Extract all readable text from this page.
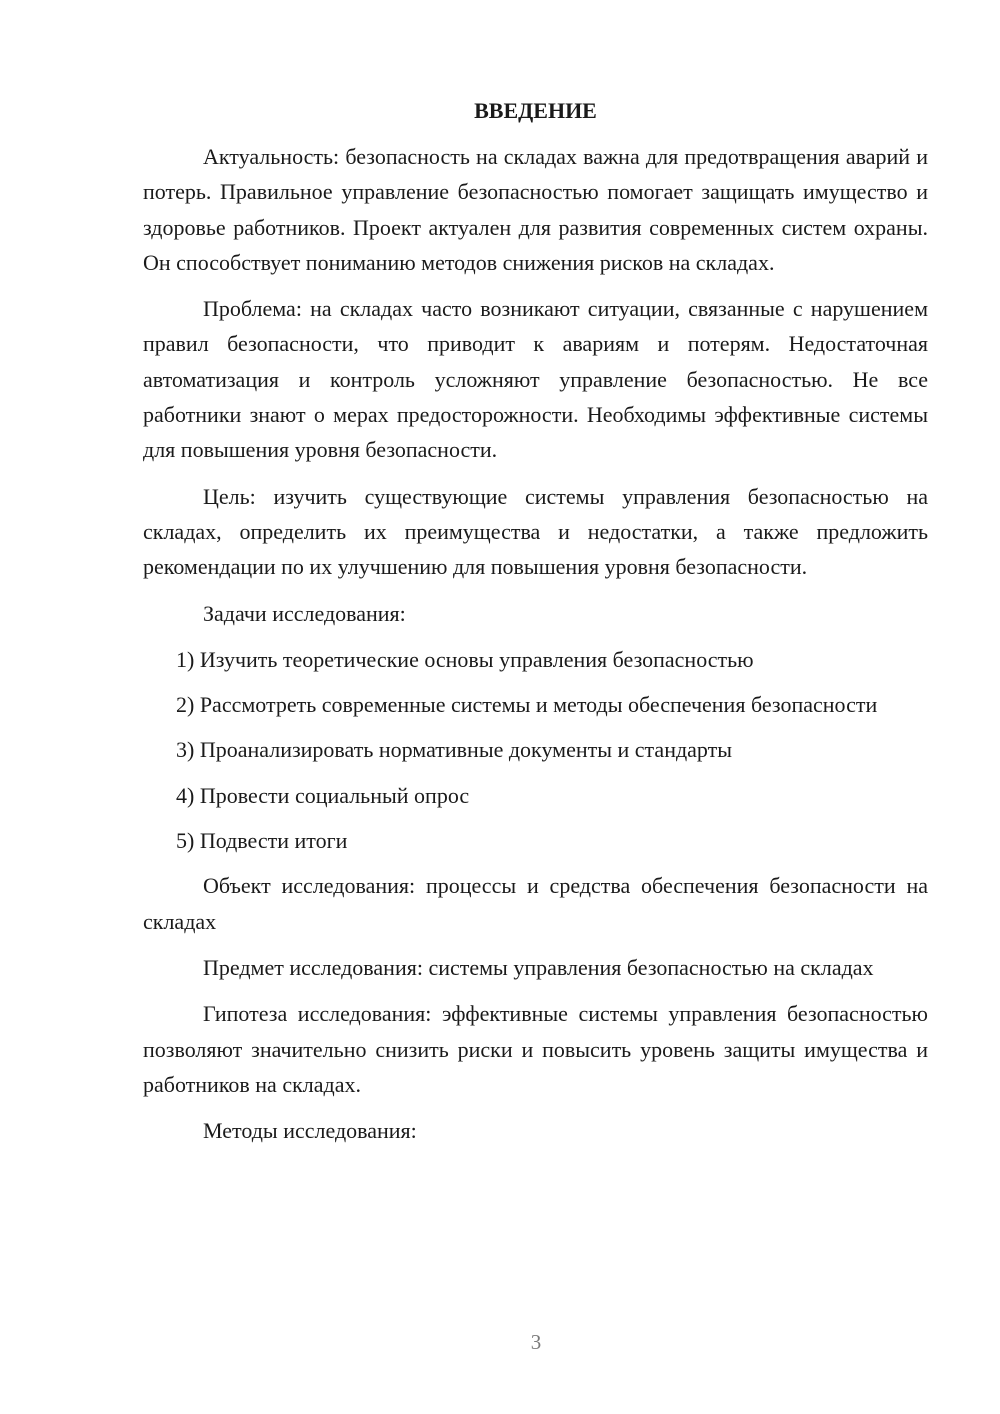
ВВЕДЕНИЕ

Актуальность: безопасность на складах важна для предотвращения аварий и потерь. Правильное управление безопасностью помогает защищать имущество и здоровье работников. Проект актуален для развития современных систем охраны. Он способствует пониманию методов снижения рисков на складах.

Проблема: на складах часто возникают ситуации, связанные с нарушением правил безопасности, что приводит к авариям и потерям. Недостаточная автоматизация и контроль усложняют управление безопасностью. Не все работники знают о мерах предосторожности. Необходимы эффективные системы для повышения уровня безопасности.

Цель: изучить существующие системы управления безопасностью на складах, определить их преимущества и недостатки, а также предложить рекомендации по их улучшению для повышения уровня безопасности.

Задачи исследования:

1) Изучить теоретические основы управления безопасностью

2) Рассмотреть современные системы и методы обеспечения безопасности

3) Проанализировать нормативные документы и стандарты

4) Провести социальный опрос

5) Подвести итоги

Объект исследования: процессы и средства обеспечения безопасности на складах

Предмет исследования: системы управления безопасностью на складах

Гипотеза исследования: эффективные системы управления безопасностью позволяют значительно снизить риски и повысить уровень защиты имущества и работников на складах.

Методы исследования:

3
